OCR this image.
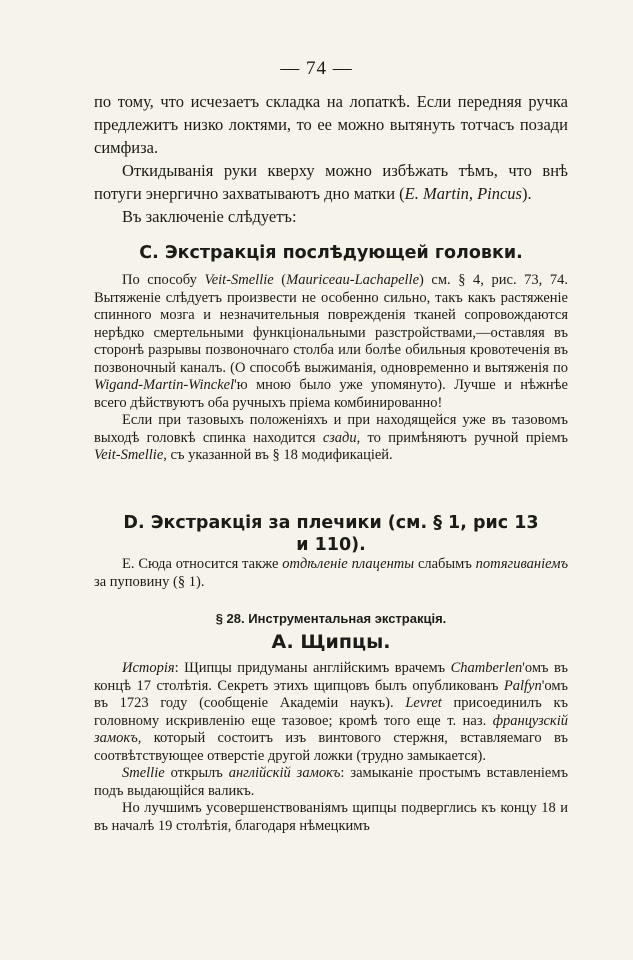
— 74 —

по тому, что исчезаетъ складка на лопаткѣ. Если передняя ручка предлежитъ низко локтями, то ее можно вытянуть тотчасъ позади симфиза.

Откидыванія руки кверху можно избѣжать тѣмъ, что внѣ потуги энергично захватываютъ дно матки (E. Martin, Pincus).

Въ заключеніе слѣдуетъ:

C. Экстракція послѣдующей головки.

По способу Veit-Smellie (Mauriceau-Lachapelle) см. § 4, рис. 73, 74. Вытяженіе слѣдуетъ произвести не особенно сильно, такъ какъ растяженіе спинного мозга и незначительныя поврежденія тканей сопровождаются нерѣдко смертельными функціональными разстройствами,—оставляя въ сторонѣ разрывы позвоночнаго столба или болѣе обильныя кровотеченія въ позвоночный каналъ. (О способѣ выжиманія, одновременно и вытяженія по Wigand-Martin-Winckel'ю мною было уже упомянуто). Лучше и нѣжнѣе всего дѣйствуютъ оба ручныхъ пріема комбинированно!

Если при тазовыхъ положеніяхъ и при находящейся уже въ тазовомъ выходѣ головкѣ спинка находится сзади, то примѣняютъ ручной пріемъ Veit-Smellie, съ указанной въ § 18 модификаціей.

D. Экстракція за плечики (см. § 1, рис 13
и 110).

E. Сюда относится также отдѣленіе плаценты слабымъ потягиваніемъ за пуповину (§ 1).

§ 28. Инструментальная экстракція.
A. Щипцы.

Исторія: Щипцы придуманы англійскимъ врачемъ Chamberlen'омъ въ концѣ 17 столѣтія. Секретъ этихъ щипцовъ былъ опубликованъ Palfyn'омъ въ 1723 году (сообщеніе Академіи наукъ). Levret присоединилъ къ головному искривленію еще тазовое; кромѣ того еще т. наз. французскій замокъ, который состоитъ изъ винтового стержня, вставляемаго въ соотвѣтствующее отверстіе другой ложки (трудно замыкается).

Smellie открылъ англійскій замокъ: замыканіе простымъ вставленіемъ подъ выдающійся валикъ.

Но лучшимъ усовершенствованіямъ щипцы подверглись къ концу 18 и въ началѣ 19 столѣтія, благодаря нѣмецкимъ
